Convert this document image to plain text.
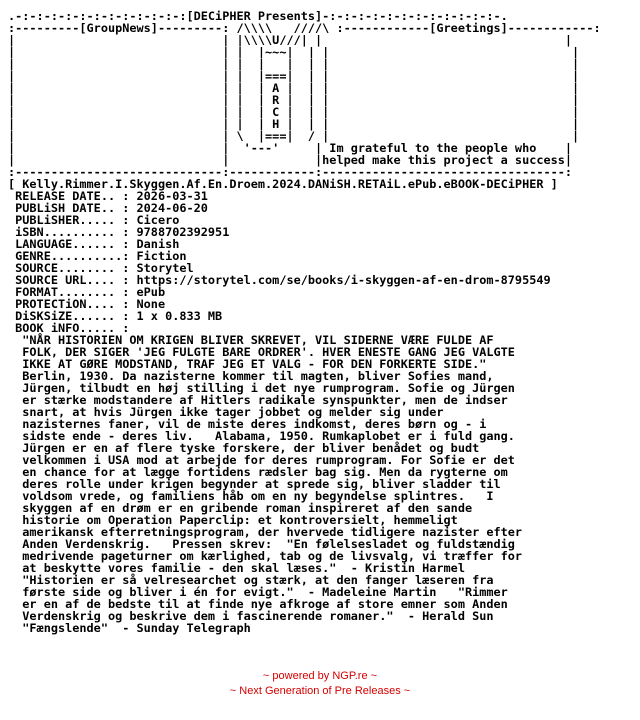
.-:-:-:-:-:-:-:-:-:-:-:-:[DECiPHER Presents]-:-:-:-:-:-:-:-:-:-:-:-:-.
:---------[GroupNews]---------: /\\\\   ////\ :------------[Greetings]------------:
|                             | |\\\\U///| |                                  |
|                             | |  |~~~|  | |                                  |
|                             | |  |   |  | |                                  |
|                             | |  |===|  | |                                  |
|                             | |  | A |  | |                                  |
|                             | |  | R |  | |                                  |
|                             | |  | C |  | |                                  |
|                             | |  | H |  | |                                  |
|                             | \  |===|  / |                                  |
|                             |  '---'     | Im grateful to the people who    |
|                             |            |helped make this project a success|
:-----------------------------:------------:----------------------------------:
[ Kelly.Rimmer.I.Skyggen.Af.En.Droem.2024.DANiSH.RETAiL.ePub.eBOOK-DECiPHER ]
RELEASE DATE.. : 2026-03-31
PUBLiSH DATE.. : 2024-06-20
PUBLiSHER..... : Cicero
iSBN.......... : 9788702392951
LANGUAGE...... : Danish
GENRE..........: Fiction
SOURCE........ : Storytel
SOURCE URL.... : https://storytel.com/se/books/i-skyggen-af-en-drom-8795549
FORMAT........ : ePub
PROTECTiON.... : None
DiSKSiZE...... : 1 x 0.833 MB
BOOK iNFO..... :
"NÅR HISTORIEN OM KRIGEN BLIVER SKREVET, VIL SIDERNE VÆRE FULDE AF
FOLK, DER SIGER 'JEG FULGTE BARE ORDRER'. HVER ENESTE GANG JEG VALGTE
IKKE AT GØRE MODSTAND, TRAF JEG ET VALG - FOR DEN FORKERTE SIDE."
Berlin, 1930. Da nazisterne kommer til magten, bliver Sofies mand,
Jürgen, tilbudt en høj stilling i det nye rumprogram. Sofie og Jürgen
er stærke modstandere af Hitlers radikale synspunkter, men de indser
snart, at hvis Jürgen ikke tager jobbet og melder sig under
nazisternes faner, vil de miste deres indkomst, deres børn og - i
sidste ende - deres liv.   Alabama, 1950. Rumkaplobet er i fuld gang.
Jürgen er en af flere tyske forskere, der bliver benådet og budt
velkommen i USA mod at arbejde for deres rumprogram. For Sofie er det
en chance for at lægge fortidens rædsler bag sig. Men da rygterne om
deres rolle under krigen begynder at sprede sig, bliver sladder til
voldsom vrede, og familiens håb om en ny begyndelse splintres.   I
skyggen af en drøm er en gribende roman inspireret af den sande
historie om Operation Paperclip: et kontroversielt, hemmeligt
amerikansk efterretningsprogram, der hvervede tidligere nazister efter
Anden Verdenskrig.   Pressen skrev:  "En følelsesladet og fuldstændig
medrivende pageturner om kærlighed, tab og de livsvalg, vi træffer for
at beskytte vores familie - den skal læses."  - Kristin Harmel
"Historien er så velresearchet og stærk, at den fanger læseren fra
første side og bliver i én for evigt."  - Madeleine Martin   "Rimmer
er en af de bedste til at finde nye afkroge af store emner som Anden
Verdenskrig og beskrive dem i fascinerende romaner."  - Herald Sun
"Fængslende"  - Sunday Telegraph
~ powered by NGP.re ~
~ Next Generation of Pre Releases ~
